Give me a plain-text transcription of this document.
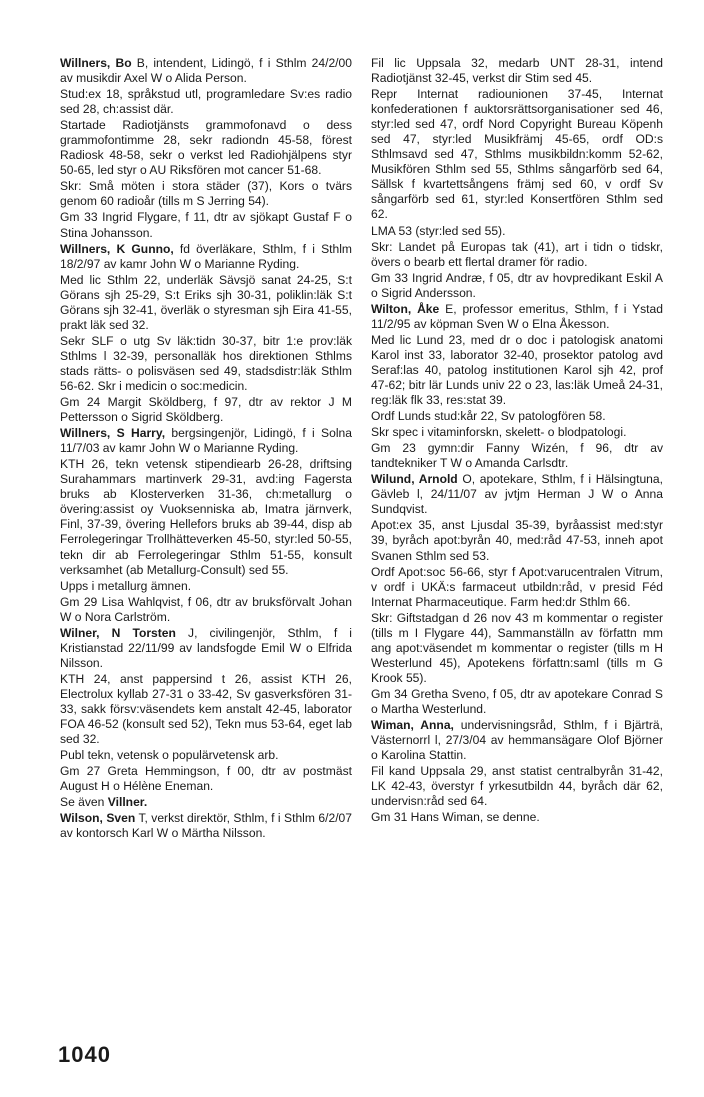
Willners, Bo B, intendent, Lidingö, f i Sthlm 24/2/00 av musikdir Axel W o Alida Person.

Stud:ex 18, språkstud utl, programledare Sv:es radio sed 28, ch:assist där.

Startade Radiotjänsts grammofonavd o dess grammofontimme 28, sekr radiondn 45-58, förest Radiosk 48-58, sekr o verkst led Radiohjälpens styr 50-65, led styr o AU Riksfören mot cancer 51-68.

Skr: Små möten i stora städer (37), Kors o tvärs genom 60 radioår (tills m S Jerring 54).

Gm 33 Ingrid Flygare, f 11, dtr av sjökapt Gustaf F o Stina Johansson.

Willners, K Gunno, fd överläkare, Sthlm, f i Sthlm 18/2/97 av kamr John W o Marianne Ryding.

Med lic Sthlm 22, underläk Sävsjö sanat 24-25, S:t Görans sjh 25-29, S:t Eriks sjh 30-31, poliklin:läk S:t Görans sjh 32-41, överläk o styresman sjh Eira 41-55, prakt läk sed 32.

Sekr SLF o utg Sv läk:tidn 30-37, bitr 1:e prov:läk Sthlms l 32-39, personalläk hos direktionen Sthlms stads rätts- o polisväsen sed 49, stadsdistr:läk Sthlm 56-62. Skr i medicin o soc:medicin.

Gm 24 Margit Sköldberg, f 97, dtr av rektor J M Pettersson o Sigrid Sköldberg.

Willners, S Harry, bergsingenjör, Lidingö, f i Solna 11/7/03 av kamr John W o Marianne Ryding.

KTH 26, tekn vetensk stipendiearb 26-28, driftsing Surahammars martinverk 29-31, avd:ing Fagersta bruks ab Klosterverken 31-36, ch:metallurg o övering:assist oy Vuoksenniska ab, Imatra järnverk, Finl, 37-39, övering Hellefors bruks ab 39-44, disp ab Ferrolegeringar Trollhätteverken 45-50, styr:led 50-55, tekn dir ab Ferrolegeringar Sthlm 51-55, konsult verksamhet (ab Metallurg-Consult) sed 55.

Upps i metallurg ämnen.

Gm 29 Lisa Wahlqvist, f 06, dtr av bruksförvalt Johan W o Nora Carlström.

Wilner, N Torsten J, civilingenjör, Sthlm, f i Kristianstad 22/11/99 av landsfogde Emil W o Elfrida Nilsson.

KTH 24, anst pappersind t 26, assist KTH 26, Electrolux kyllab 27-31 o 33-42, Sv gasverksfören 31-33, sakk försv:väsendets kem anstalt 42-45, laborator FOA 46-52 (konsult sed 52), Tekn mus 53-64, eget lab sed 32.

Publ tekn, vetensk o populärvetensk arb.

Gm 27 Greta Hemmingson, f 00, dtr av postmäst August H o Hélène Eneman.

Se även Villner.

Wilson, Sven T, verkst direktör, Sthlm, f i Sthlm 6/2/07 av kontorsch Karl W o Märtha Nilsson.

Fil lic Uppsala 32, medarb UNT 28-31, intend Radiotjänst 32-45, verkst dir Stim sed 45.

Repr Internat radiounionen 37-45, Internat konfederationen f auktorsrättsorganisationer sed 46, styr:led sed 47, ordf Nord Copyright Bureau Köpenh sed 47, styr:led Musikfrämj 45-65, ordf OD:s Sthlmsavd sed 47, Sthlms musikbildn:komm 52-62, Musikfören Sthlm sed 55, Sthlms sångarförb sed 64, Sällsk f kvartettsångens främj sed 60, v ordf Sv sångarförb sed 61, styr:led Konsertfören Sthlm sed 62.

LMA 53 (styr:led sed 55).

Skr: Landet på Europas tak (41), art i tidn o tidskr, övers o bearb ett flertal dramer för radio.

Gm 33 Ingrid Andræ, f 05, dtr av hovpredikant Eskil A o Sigrid Andersson.

Wilton, Åke E, professor emeritus, Sthlm, f i Ystad 11/2/95 av köpman Sven W o Elna Åkesson.

Med lic Lund 23, med dr o doc i patologisk anatomi Karol inst 33, laborator 32-40, prosektor patolog avd Seraf:las 40, patolog institutionen Karol sjh 42, prof 47-62; bitr lär Lunds univ 22 o 23, las:läk Umeå 24-31, reg:läk flk 33, res:stat 39.

Ordf Lunds stud:kår 22, Sv patologfören 58.

Skr spec i vitaminforskn, skelett- o blodpatologi.

Gm 23 gymn:dir Fanny Wizén, f 96, dtr av tandtekniker T W o Amanda Carlsdtr.

Wilund, Arnold O, apotekare, Sthlm, f i Hälsingtuna, Gävleb l, 24/11/07 av jvtjm Herman J W o Anna Sundqvist.

Apot:ex 35, anst Ljusdal 35-39, byråassist med:styr 39, byråch apot:byrån 40, med:råd 47-53, inneh apot Svanen Sthlm sed 53.

Ordf Apot:soc 56-66, styr f Apot:varucentralen Vitrum, v ordf i UKÄ:s farmaceut utbildn:råd, v presid Féd Internat Pharmaceutique. Farm hed:dr Sthlm 66.

Skr: Giftstadgan d 26 nov 43 m kommentar o register (tills m I Flygare 44), Sammanställn av författn mm ang apot:väsendet m kommentar o register (tills m H Westerlund 45), Apotekens författn:saml (tills m G Krook 55).

Gm 34 Gretha Sveno, f 05, dtr av apotekare Conrad S o Martha Westerlund.

Wiman, Anna, undervisningsråd, Sthlm, f i Bjärträ, Västernorrl l, 27/3/04 av hemmansägare Olof Björner o Karolina Stattin.

Fil kand Uppsala 29, anst statist centralbyrån 31-42, LK 42-43, överstyr f yrkesutbildn 44, byråch där 62, undervisn:råd sed 64.

Gm 31 Hans Wiman, se denne.

1040
